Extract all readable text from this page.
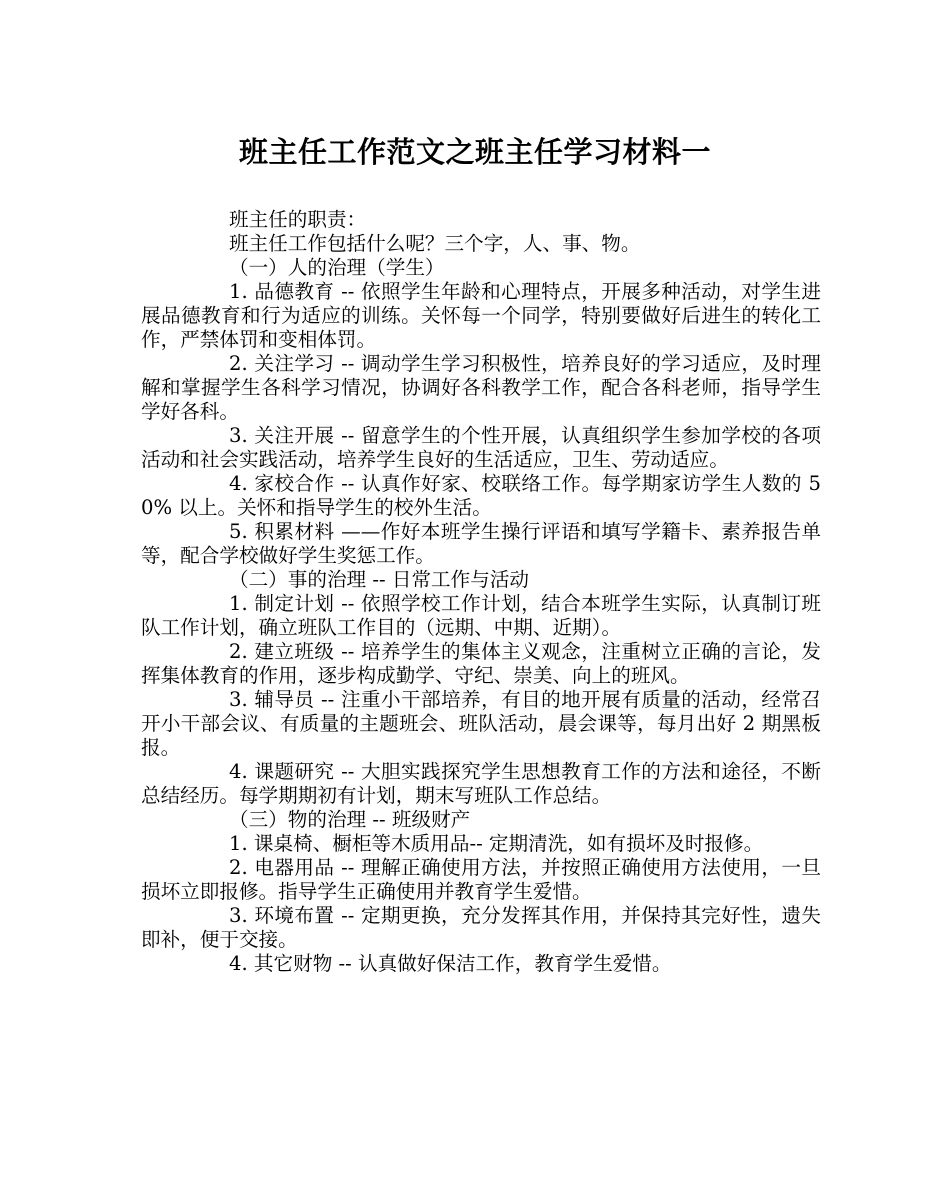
班主任工作范文之班主任学习材料一

班主任的职责：

班主任工作包括什么呢？三个字，人、事、物。

（一）人的治理（学生）

1. 品德教育 -- 依照学生年龄和心理特点，开展多种活动，对学生进展品德教育和行为适应的训练。关怀每一个同学，特别要做好后进生的转化工作，严禁体罚和变相体罚。

2. 关注学习 -- 调动学生学习积极性，培养良好的学习适应，及时理解和掌握学生各科学习情况，协调好各科教学工作，配合各科老师，指导学生学好各科。

3. 关注开展 -- 留意学生的个性开展，认真组织学生参加学校的各项活动和社会实践活动，培养学生良好的生活适应，卫生、劳动适应。

4. 家校合作 -- 认真作好家、校联络工作。每学期家访学生人数的 50% 以上。关怀和指导学生的校外生活。

5. 积累材料 ——作好本班学生操行评语和填写学籍卡、素养报告单等，配合学校做好学生奖惩工作。

（二）事的治理 -- 日常工作与活动

1. 制定计划 -- 依照学校工作计划，结合本班学生实际，认真制订班队工作计划，确立班队工作目的（远期、中期、近期）。

2. 建立班级 -- 培养学生的集体主义观念，注重树立正确的言论，发挥集体教育的作用，逐步构成勤学、守纪、崇美、向上的班风。

3. 辅导员 -- 注重小干部培养，有目的地开展有质量的活动，经常召开小干部会议、有质量的主题班会、班队活动，晨会课等，每月出好 2 期黑板报。

4. 课题研究 -- 大胆实践探究学生思想教育工作的方法和途径，不断总结经历。每学期期初有计划，期末写班队工作总结。

（三）物的治理 -- 班级财产

1. 课桌椅、橱柜等木质用品-- 定期清洗，如有损坏及时报修。

2. 电器用品 -- 理解正确使用方法，并按照正确使用方法使用，一旦损坏立即报修。指导学生正确使用并教育学生爱惜。

3. 环境布置 -- 定期更换，充分发挥其作用，并保持其完好性，遗失即补，便于交接。

4. 其它财物 -- 认真做好保洁工作，教育学生爱惜。
